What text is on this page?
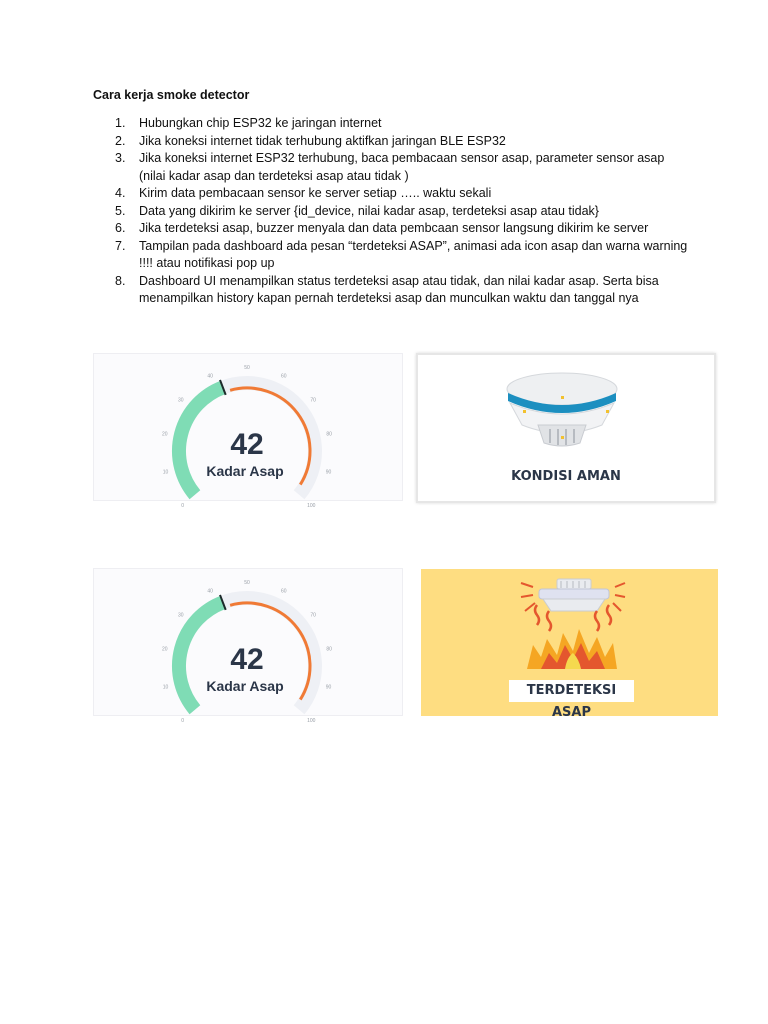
Cara kerja smoke detector
1. Hubungkan chip ESP32 ke jaringan internet
2. Jika koneksi internet tidak terhubung aktifkan jaringan BLE ESP32
3. Jika koneksi internet ESP32 terhubung, baca pembacaan sensor asap, parameter sensor asap (nilai kadar asap dan terdeteksi asap atau tidak )
4. Kirim data pembacaan sensor ke server setiap ….. waktu sekali
5. Data yang dikirim ke server {id_device, nilai kadar asap, terdeteksi asap atau tidak}
6. Jika terdeteksi asap, buzzer menyala dan data pembcaan sensor langsung dikirim ke server
7. Tampilan pada dashboard ada pesan “terdeteksi ASAP”, animasi ada icon asap dan warna warning !!!! atau notifikasi pop up
8. Dashboard UI menampilkan status terdeteksi asap atau tidak, dan nilai kadar asap. Serta bisa menampilkan history kapan pernah terdeteksi asap dan munculkan waktu dan tanggal nya
0
10
20
30
40
50
60
70
80
90
100
42
Kadar Asap	KONDISI AMAN
0
10
20
30
40
50
60
70
80
90
100
42
Kadar Asap	TERDETEKSI ASAP
